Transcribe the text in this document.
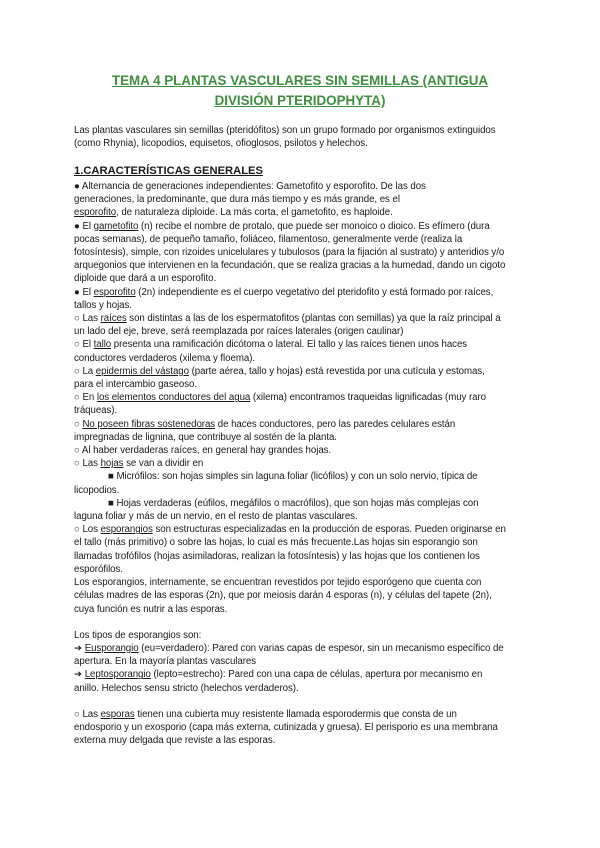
TEMA 4 PLANTAS VASCULARES SIN SEMILLAS (ANTIGUA
DIVISIÓN PTERIDOPHYTA)
Las plantas vasculares sin semillas (pteridófitos) son un grupo formado por organismos extinguidos
(como Rhynia), licopodios, equisetos, ofioglosos, psilotos y helechos.
1.CARACTERÍSTICAS GENERALES
● Alternancia de generaciones independientes: Gametofito y esporofito. De las dos
generaciones, la predominante, que dura más tiempo y es más grande, es el
esporofito, de naturaleza diploide. La más corta, el gametofito, es haploide.
● El gametofito (n) recibe el nombre de protalo, que puede ser monoico o dioico. Es efímero (dura
pocas semanas), de pequeño tamaño, foliáceo, filamentoso, generalmente verde (realiza la
fotosíntesis), simple, con rizoides unicelulares y tubulosos (para la fijación al sustrato) y anteridios y/o
arquegonios que intervienen en la fecundación, que se realiza gracias a la humedad, dando un cigoto
diploide que dará a un esporofito.
● El esporofito (2n) independiente es el cuerpo vegetativo del pteridofito y está formado por raíces,
tallos y hojas.
○ Las raíces son distintas a las de los espermatofitos (plantas con semillas) ya que la raíz principal a
un lado del eje, breve, será reemplazada por raíces laterales (origen caulinar)
○ El tallo presenta una ramificación dicótoma o lateral. El tallo y las raíces tienen unos haces
conductores verdaderos (xilema y floema).
○ La epidermis del vástago (parte aérea, tallo y hojas) está revestida por una cutícula y estomas,
para el intercambio gaseoso.
○ En los elementos conductores del agua (xilema) encontramos traqueidas lignificadas (muy raro
tráqueas).
○ No poseen fibras sostenedoras de haces conductores, pero las paredes celulares están
impregnadas de lignina, que contribuye al sostén de la planta.
○ Al haber verdaderas raíces, en general hay grandes hojas.
○ Las hojas se van a dividir en
■ Micrófilos: son hojas simples sin laguna foliar (licófilos) y con un solo nervio, típica de
licopodios.
■ Hojas verdaderas (eúfilos, megáfilos o macrófilos), que son hojas más complejas con
laguna foliar y más de un nervio, en el resto de plantas vasculares.
○ Los esporangios son estructuras especializadas en la producción de esporas. Pueden originarse en
el tallo (más primitivo) o sobre las hojas, lo cual es más frecuente.Las hojas sin esporangio son
llamadas trofófilos (hojas asimiladoras, realizan la fotosíntesis) y las hojas que los contienen los
esporófilos.
Los esporangios, internamente, se encuentran revestidos por tejido esporógeno que cuenta con
células madres de las esporas (2n), que por meiosis darán 4 esporas (n), y células del tapete (2n),
cuya función es nutrir a las esporas.
Los tipos de esporangios son:
➔ Eusporangio (eu=verdadero): Pared con varias capas de espesor, sin un mecanismo específico de
apertura. En la mayoría plantas vasculares
➔ Leptosporangio (lepto=estrecho): Pared con una capa de células, apertura por mecanismo en
anillo. Helechos sensu stricto (helechos verdaderos).
○ Las esporas tienen una cubierta muy resistente llamada esporodermis que consta de un
endosporio y un exosporio (capa más externa, cutinizada y gruesa). El perisporio es una membrana
externa muy delgada que reviste a las esporas.
